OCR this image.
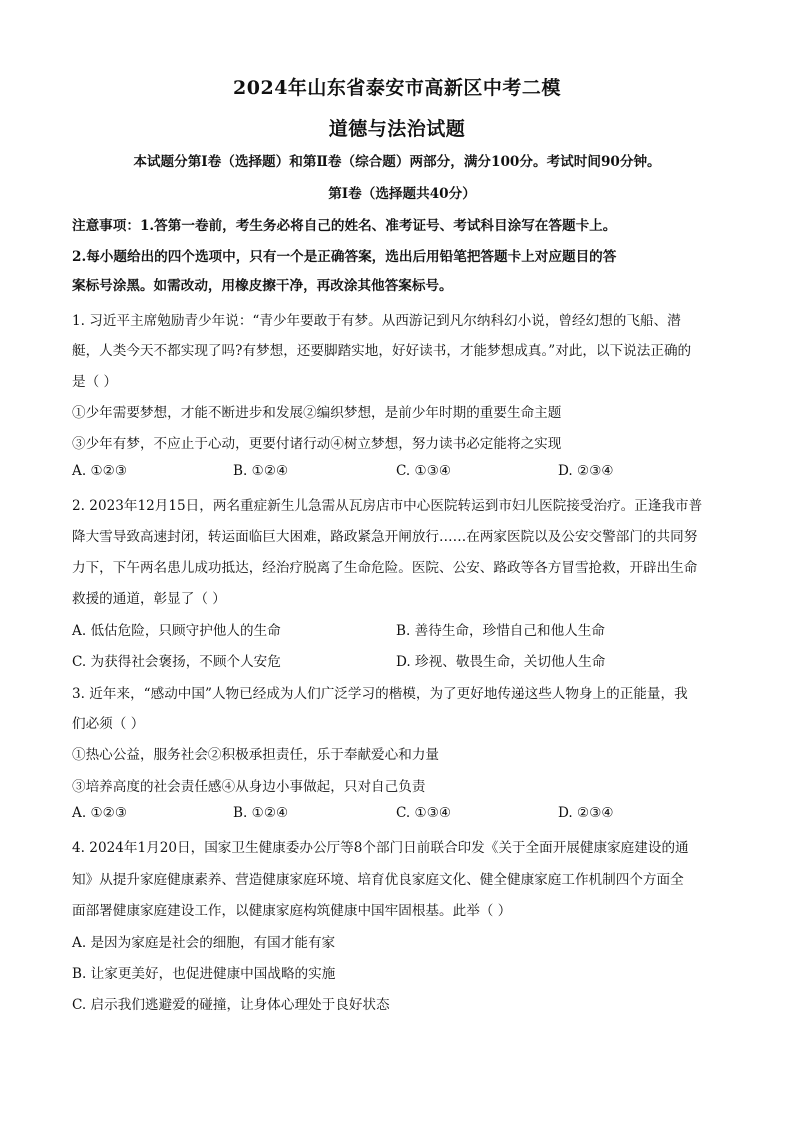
2024年山东省泰安市高新区中考二模
道德与法治试题
本试题分第Ⅰ卷（选择题）和第Ⅱ卷（综合题）两部分，满分100分。考试时间90分钟。
第Ⅰ卷（选择题共40分）
注意事项：1.答第一卷前，考生务必将自己的姓名、准考证号、考试科目涂写在答题卡上。
2.每小题给出的四个选项中，只有一个是正确答案，选出后用铅笔把答题卡上对应题目的答
案标号涂黑。如需改动，用橡皮擦干净，再改涂其他答案标号。
1. 习近平主席勉励青少年说：“青少年要敢于有梦。从西游记到凡尔纳科幻小说，曾经幻想的飞船、潜
艇，人类今天不都实现了吗?有梦想，还要脚踏实地，好好读书，才能梦想成真。”对此，以下说法正确的
是（ ）
①少年需要梦想，才能不断进步和发展②编织梦想，是前少年时期的重要生命主题
③少年有梦，不应止于心动，更要付诸行动④树立梦想，努力读书必定能将之实现
A. ①②③	B. ①②④	C. ①③④	D. ②③④
2. 2023年12月15日，两名重症新生儿急需从瓦房店市中心医院转运到市妇儿医院接受治疗。正逢我市普
降大雪导致高速封闭，转运面临巨大困难，路政紧急开闸放行……在两家医院以及公安交警部门的共同努
力下，下午两名患儿成功抵达，经治疗脱离了生命危险。医院、公安、路政等各方冒雪抢救，开辟出生命
救援的通道，彰显了（ ）
A. 低估危险，只顾守护他人的生命	B. 善待生命，珍惜自己和他人生命
C. 为获得社会褒扬，不顾个人安危	D. 珍视、敬畏生命，关切他人生命
3. 近年来，“感动中国”人物已经成为人们广泛学习的楷模，为了更好地传递这些人物身上的正能量，我
们必须（ ）
①热心公益，服务社会②积极承担责任，乐于奉献爱心和力量
③培养高度的社会责任感④从身边小事做起，只对自己负责
A. ①②③	B. ①②④	C. ①③④	D. ②③④
4. 2024年1月20日，国家卫生健康委办公厅等8个部门日前联合印发《关于全面开展健康家庭建设的通
知》从提升家庭健康素养、营造健康家庭环境、培育优良家庭文化、健全健康家庭工作机制四个方面全
面部署健康家庭建设工作，以健康家庭构筑健康中国牢固根基。此举（ ）
A. 是因为家庭是社会的细胞，有国才能有家
B. 让家更美好，也促进健康中国战略的实施
C. 启示我们逃避爱的碰撞，让身体心理处于良好状态
